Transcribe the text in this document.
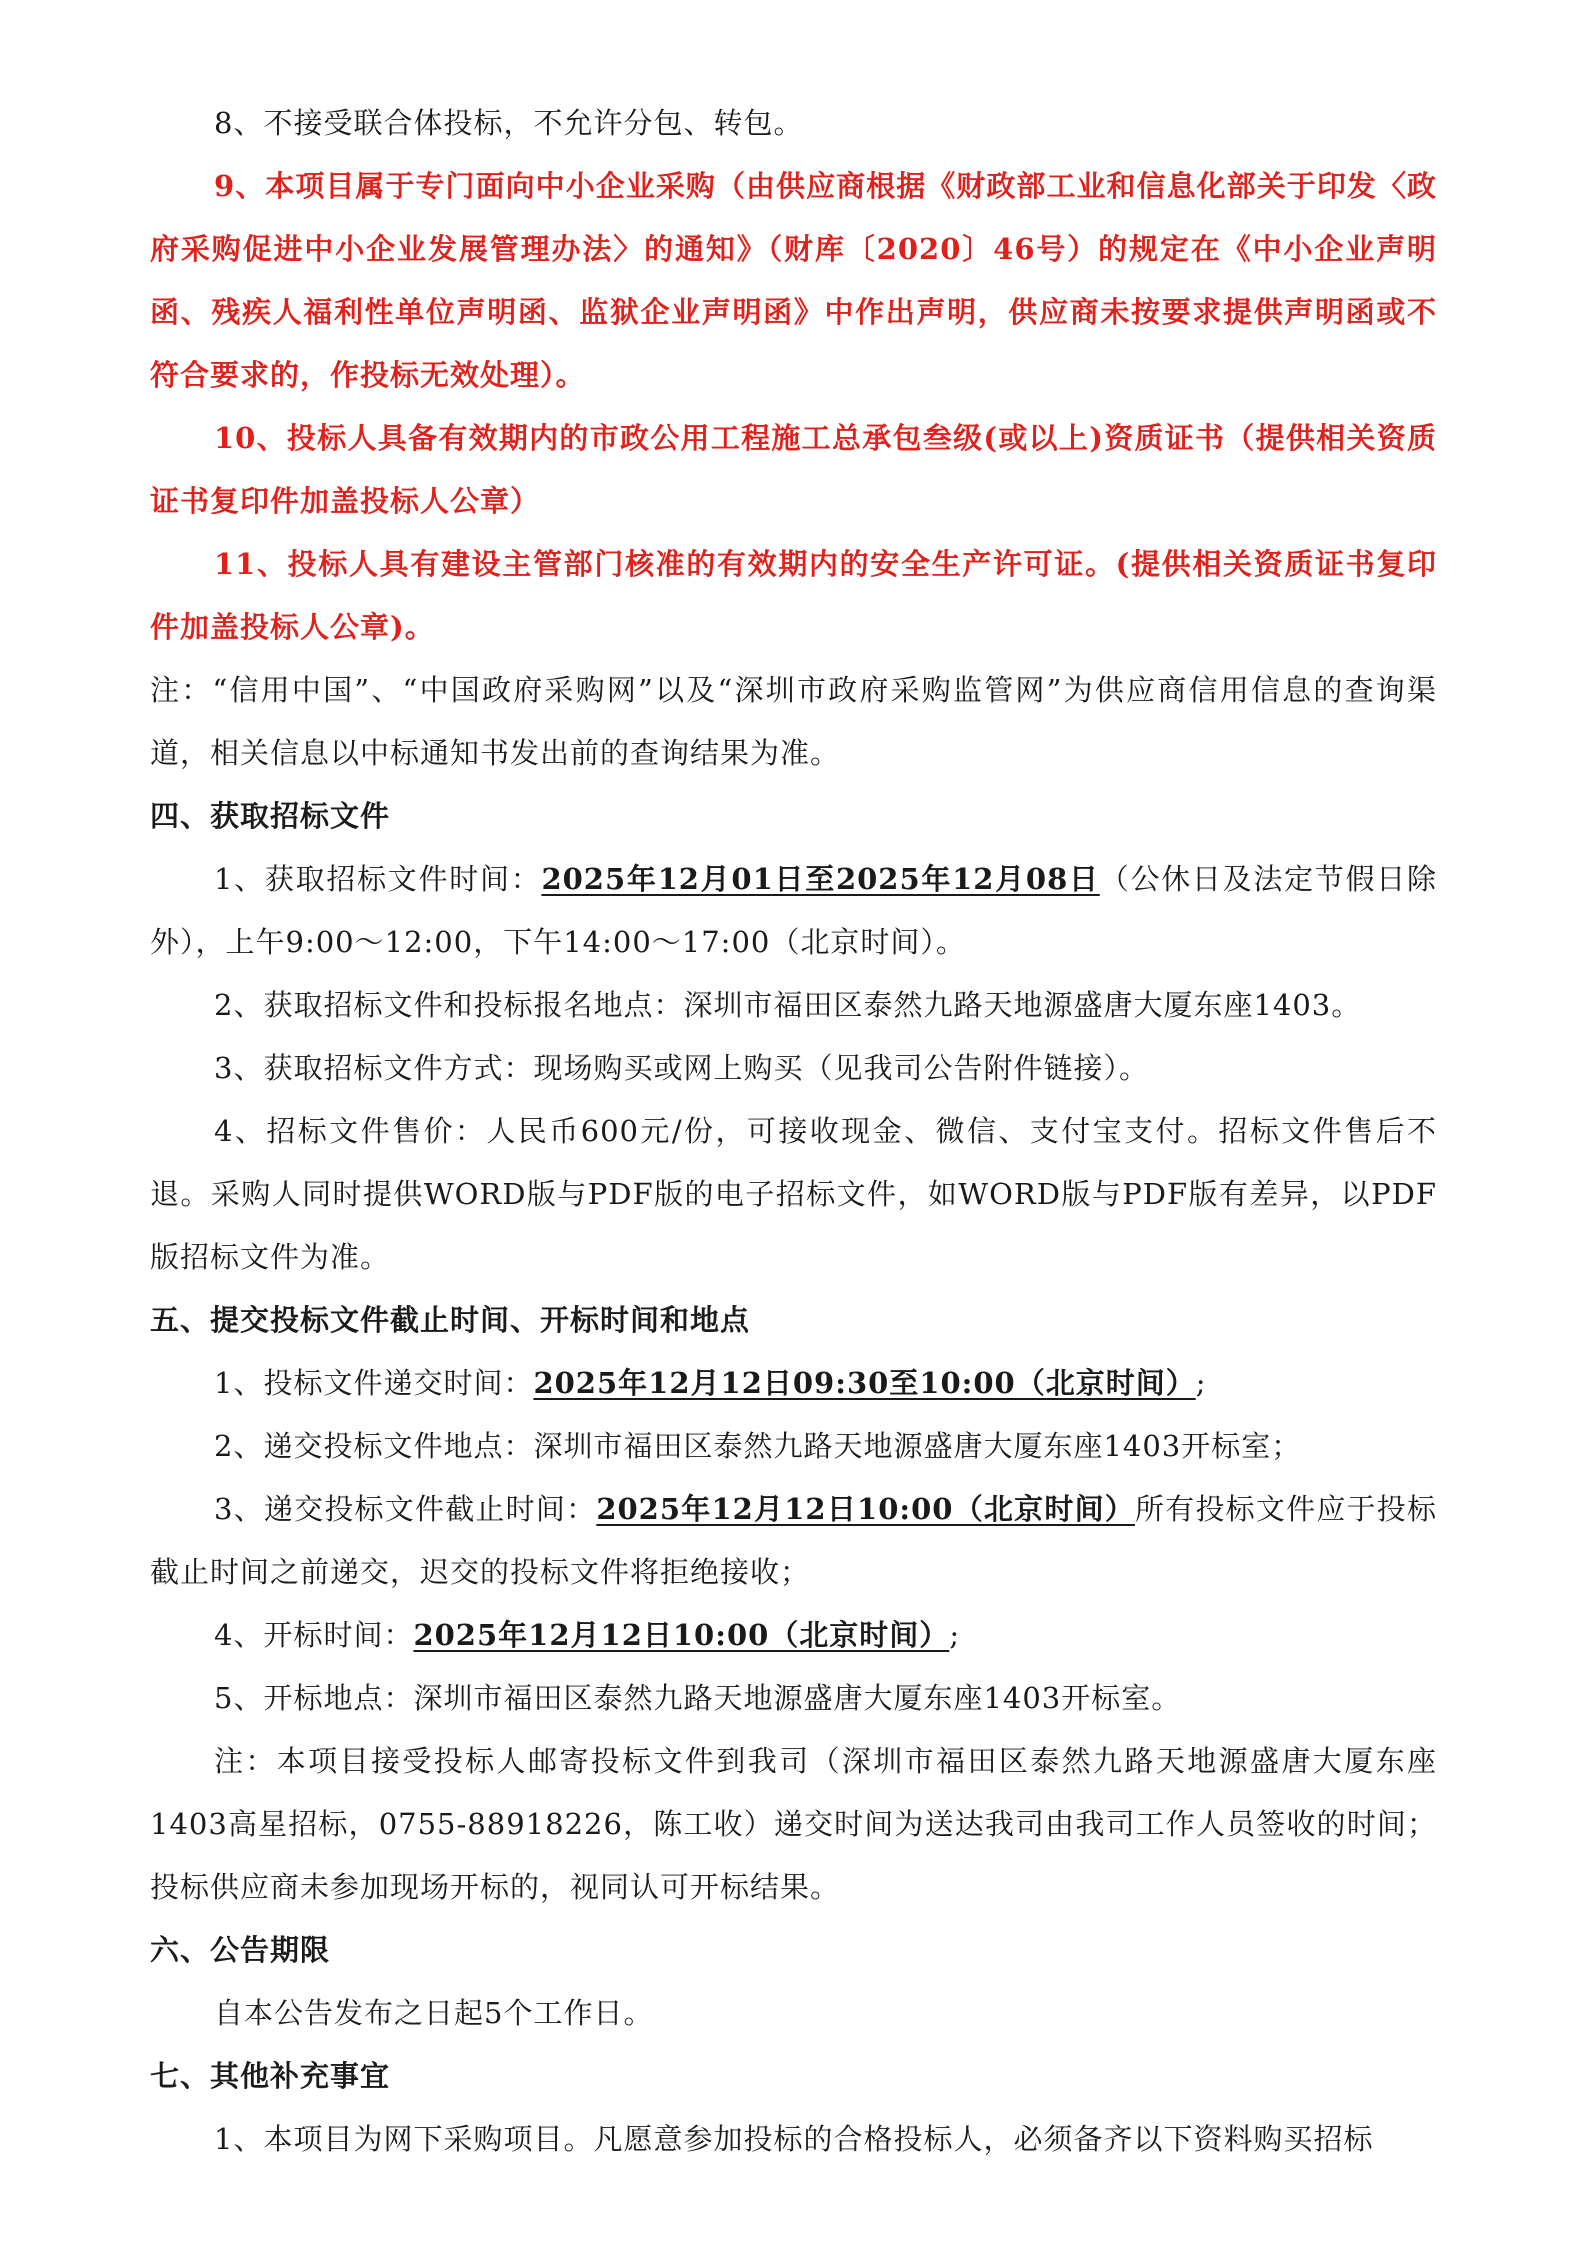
8、不接受联合体投标，不允许分包、转包。

9、本项目属于专门面向中小企业采购（由供应商根据《财政部工业和信息化部关于印发〈政府采购促进中小企业发展管理办法〉的通知》（财库〔2020〕46号）的规定在《中小企业声明函、残疾人福利性单位声明函、监狱企业声明函》中作出声明，供应商未按要求提供声明函或不符合要求的，作投标无效处理）。

10、投标人具备有效期内的市政公用工程施工总承包叁级(或以上)资质证书（提供相关资质证书复印件加盖投标人公章）

11、投标人具有建设主管部门核准的有效期内的安全生产许可证。(提供相关资质证书复印件加盖投标人公章)。

注：“信用中国”、“中国政府采购网”以及“深圳市政府采购监管网”为供应商信用信息的查询渠道，相关信息以中标通知书发出前的查询结果为准。

四、获取招标文件

1、获取招标文件时间：2025年12月01日至2025年12月08日（公休日及法定节假日除外），上午9:00～12:00，下午14:00～17:00（北京时间）。

2、获取招标文件和投标报名地点：深圳市福田区泰然九路天地源盛唐大厦东座1403。

3、获取招标文件方式：现场购买或网上购买（见我司公告附件链接）。

4、招标文件售价：人民币600元/份，可接收现金、微信、支付宝支付。招标文件售后不退。采购人同时提供WORD版与PDF版的电子招标文件，如WORD版与PDF版有差异，以PDF版招标文件为准。

五、提交投标文件截止时间、开标时间和地点

1、投标文件递交时间：2025年12月12日09:30至10:00（北京时间）;

2、递交投标文件地点：深圳市福田区泰然九路天地源盛唐大厦东座1403开标室；

3、递交投标文件截止时间：2025年12月12日10:00（北京时间）所有投标文件应于投标截止时间之前递交，迟交的投标文件将拒绝接收；

4、开标时间：2025年12月12日10:00（北京时间）;

5、开标地点：深圳市福田区泰然九路天地源盛唐大厦东座1403开标室。

注：本项目接受投标人邮寄投标文件到我司（深圳市福田区泰然九路天地源盛唐大厦东座1403高星招标，0755-88918226，陈工收）递交时间为送达我司由我司工作人员签收的时间；投标供应商未参加现场开标的，视同认可开标结果。

六、公告期限

自本公告发布之日起5个工作日。

七、其他补充事宜

1、本项目为网下采购项目。凡愿意参加投标的合格投标人，必须备齐以下资料购买招标
